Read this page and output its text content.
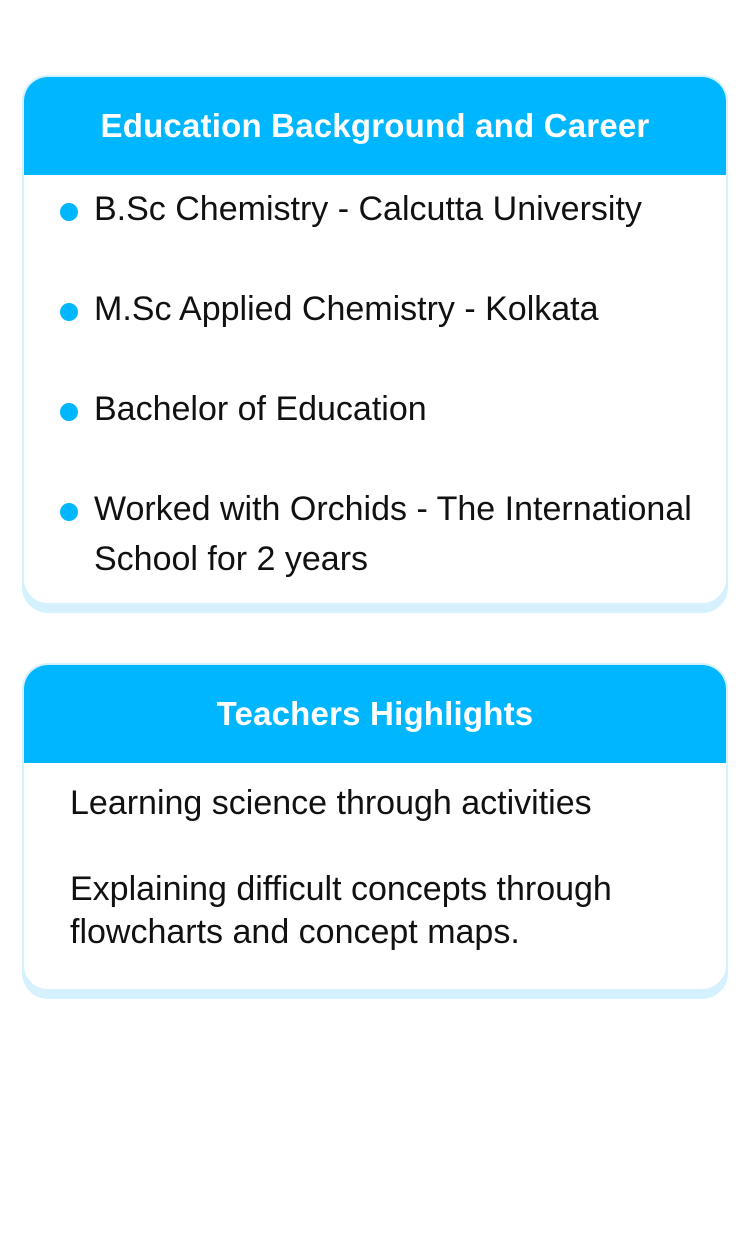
Education Background and Career
B.Sc Chemistry - Calcutta University
M.Sc Applied Chemistry - Kolkata
Bachelor of Education
Worked with Orchids - The International School for 2 years
Teachers Highlights

Learning science through activities

Explaining difficult concepts through flowcharts and concept maps.
